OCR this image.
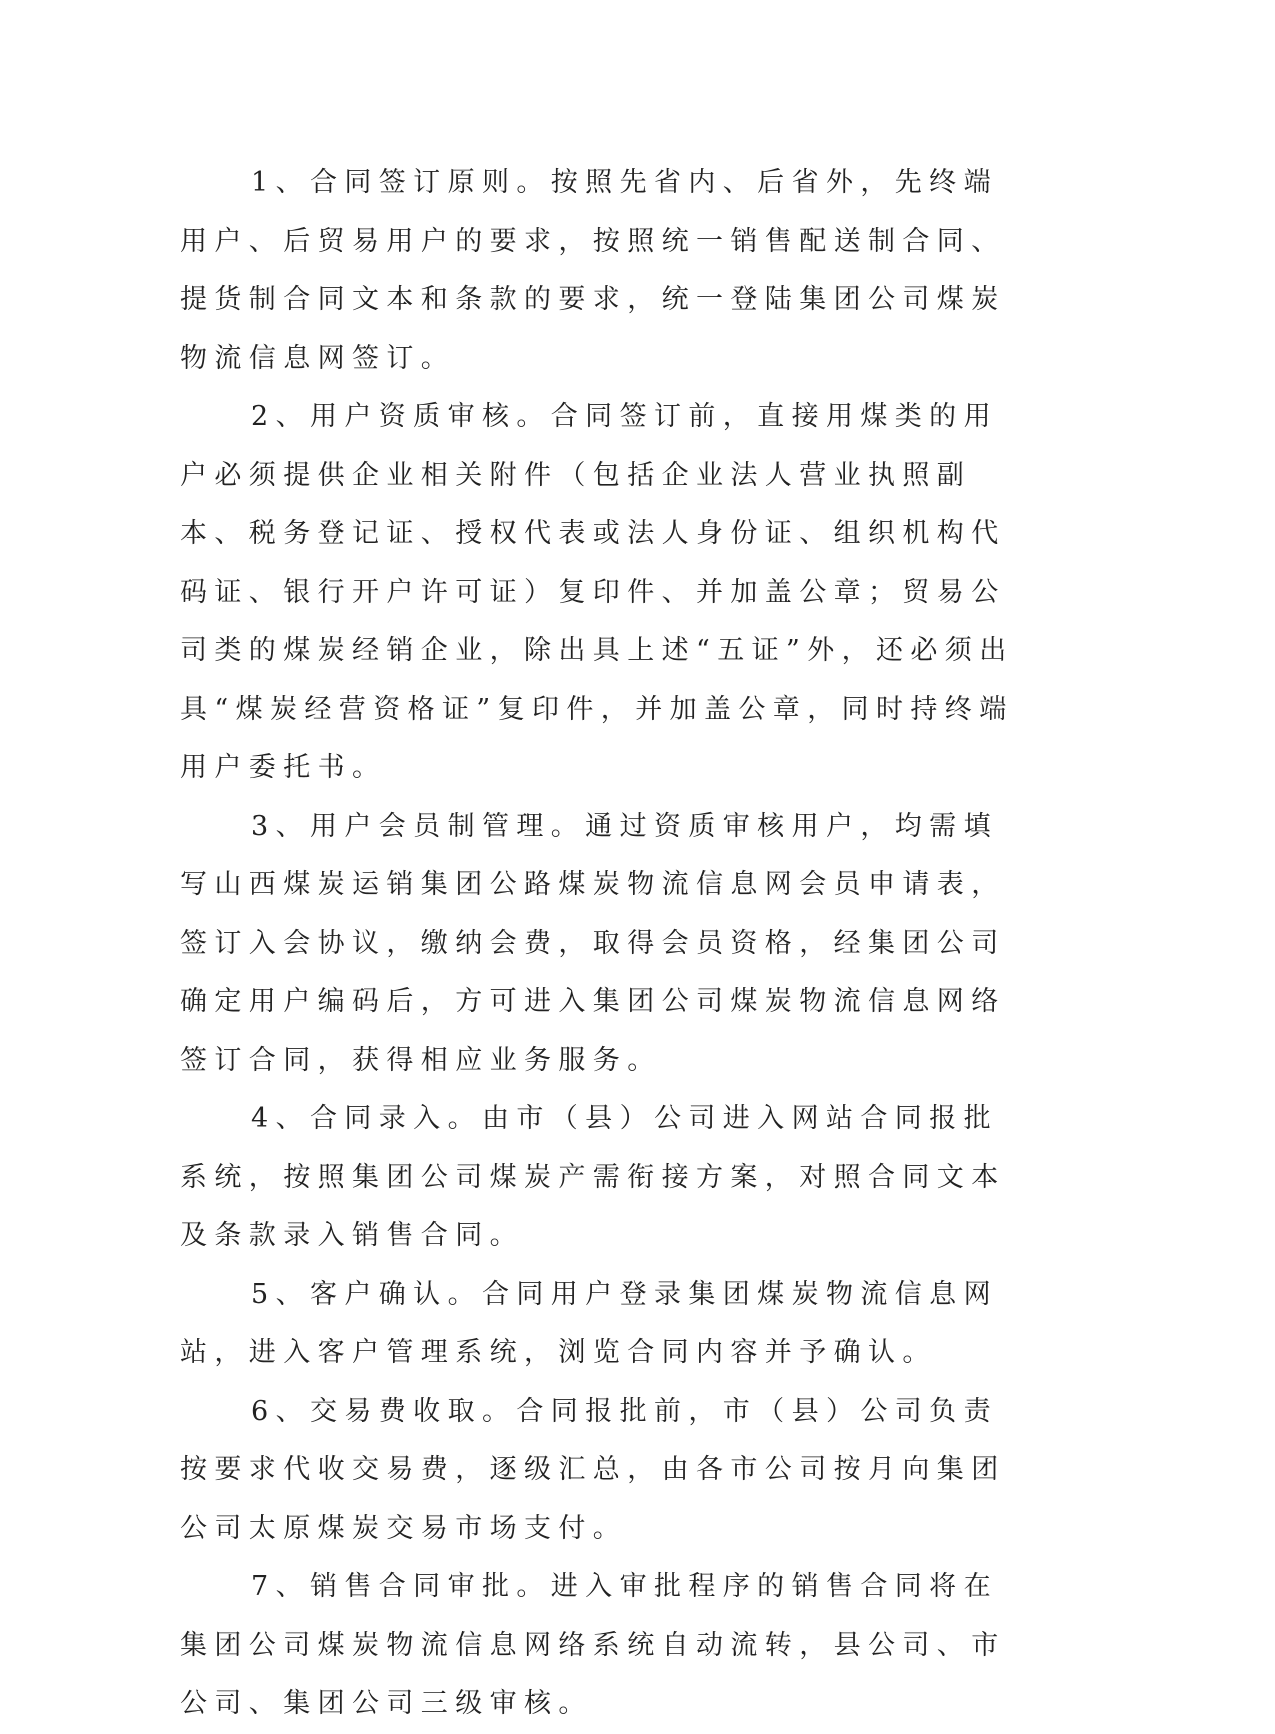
1、合同签订原则。按照先省内、后省外，先终端用户、后贸易用户的要求，按照统一销售配送制合同、提货制合同文本和条款的要求，统一登陆集团公司煤炭物流信息网签订。

2、用户资质审核。合同签订前，直接用煤类的用户必须提供企业相关附件（包括企业法人营业执照副本、税务登记证、授权代表或法人身份证、组织机构代码证、银行开户许可证）复印件、并加盖公章；贸易公司类的煤炭经销企业，除出具上述“五证”外，还必须出具“煤炭经营资格证”复印件，并加盖公章，同时持终端用户委托书。

3、用户会员制管理。通过资质审核用户，均需填写山西煤炭运销集团公路煤炭物流信息网会员申请表，签订入会协议，缴纳会费，取得会员资格，经集团公司确定用户编码后，方可进入集团公司煤炭物流信息网络签订合同，获得相应业务服务。

4、合同录入。由市（县）公司进入网站合同报批系统，按照集团公司煤炭产需衔接方案，对照合同文本及条款录入销售合同。

5、客户确认。合同用户登录集团煤炭物流信息网站，进入客户管理系统，浏览合同内容并予确认。

6、交易费收取。合同报批前，市（县）公司负责按要求代收交易费，逐级汇总，由各市公司按月向集团公司太原煤炭交易市场支付。

7、销售合同审批。进入审批程序的销售合同将在集团公司煤炭物流信息网络系统自动流转，县公司、市公司、集团公司三级审核。
